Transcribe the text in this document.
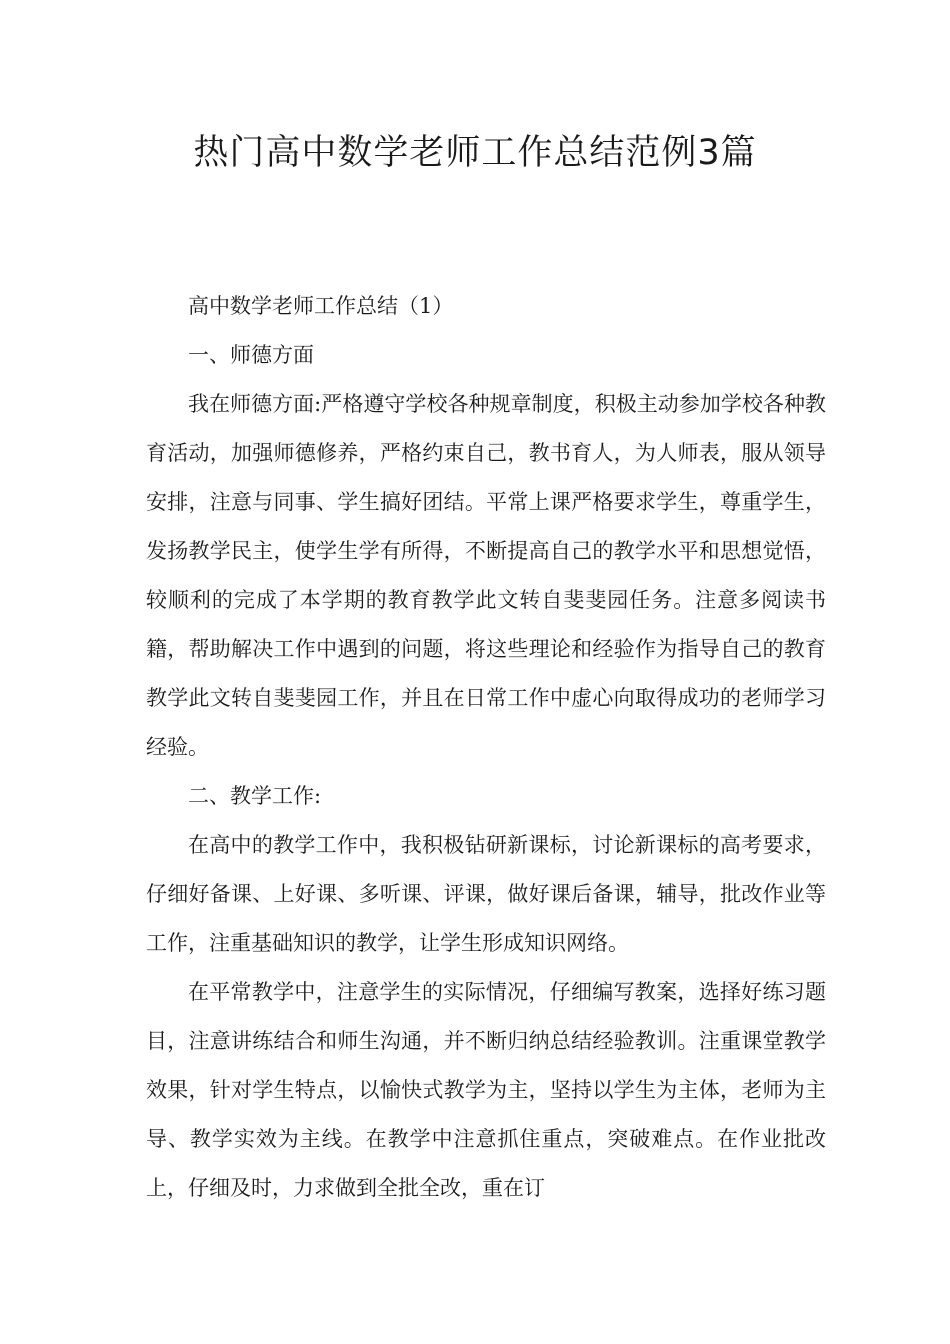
热门高中数学老师工作总结范例3篇

高中数学老师工作总结（1）

一、师德方面

我在师德方面:严格遵守学校各种规章制度，积极主动参加学校各种教育活动，加强师德修养，严格约束自己，教书育人，为人师表，服从领导安排，注意与同事、学生搞好团结。平常上课严格要求学生，尊重学生，发扬教学民主，使学生学有所得，不断提高自己的教学水平和思想觉悟，较顺利的完成了本学期的教育教学此文转自斐斐园任务。注意多阅读书籍，帮助解决工作中遇到的问题，将这些理论和经验作为指导自己的教育教学此文转自斐斐园工作，并且在日常工作中虚心向取得成功的老师学习经验。

二、教学工作:

在高中的教学工作中，我积极钻研新课标，讨论新课标的高考要求，仔细好备课、上好课、多听课、评课，做好课后备课，辅导，批改作业等工作，注重基础知识的教学，让学生形成知识网络。

在平常教学中，注意学生的实际情况，仔细编写教案，选择好练习题目，注意讲练结合和师生沟通，并不断归纳总结经验教训。注重课堂教学效果，针对学生特点，以愉快式教学为主，坚持以学生为主体，老师为主导、教学实效为主线。在教学中注意抓住重点，突破难点。在作业批改上，仔细及时，力求做到全批全改，重在订
